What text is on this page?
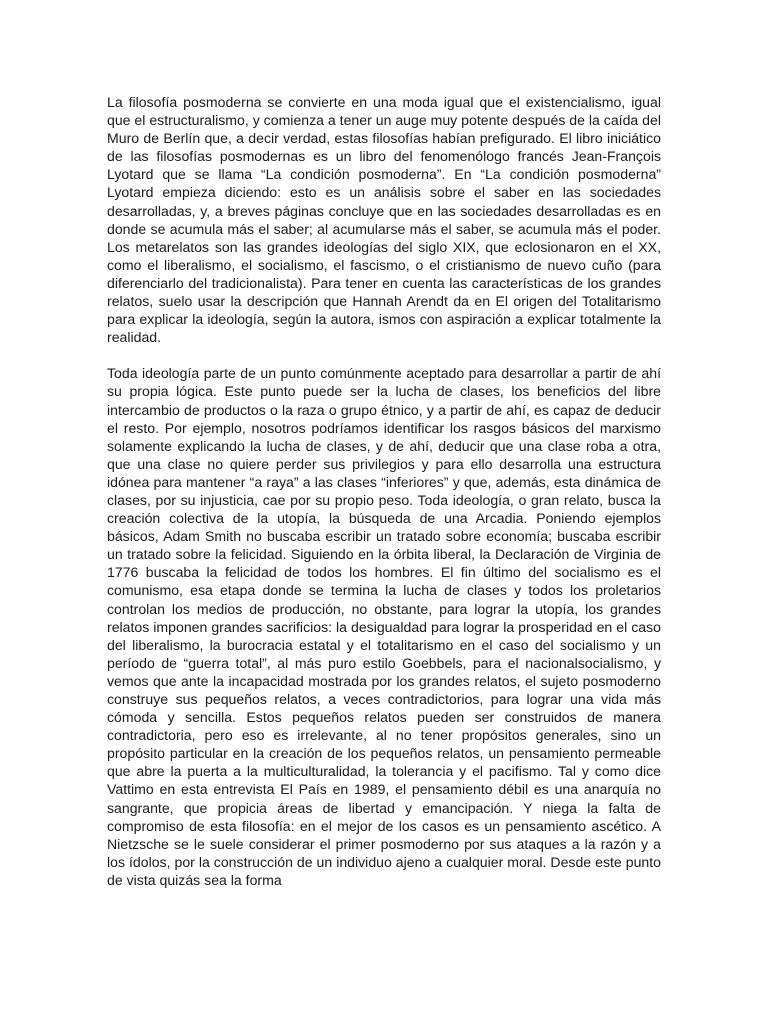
La filosofía posmoderna se convierte en una moda igual que el existencialismo, igual que el estructuralismo, y comienza a tener un auge muy potente después de la caída del Muro de Berlín que, a decir verdad, estas filosofías habían prefigurado. El libro iniciático de las filosofías posmodernas es un libro del fenomenólogo francés Jean-François Lyotard que se llama “La condición posmoderna”. En “La condición posmoderna” Lyotard empieza diciendo: esto es un análisis sobre el saber en las sociedades desarrolladas, y, a breves páginas concluye que en las sociedades desarrolladas es en donde se acumula más el saber; al acumularse más el saber, se acumula más el poder. Los metarelatos son las grandes ideologías del siglo XIX, que eclosionaron en el XX, como el liberalismo, el socialismo, el fascismo, o el cristianismo de nuevo cuño (para diferenciarlo del tradicionalista). Para tener en cuenta las características de los grandes relatos, suelo usar la descripción que Hannah Arendt da en El origen del Totalitarismo para explicar la ideología, según la autora, ismos con aspiración a explicar totalmente la realidad.

Toda ideología parte de un punto comúnmente aceptado para desarrollar a partir de ahí su propia lógica. Este punto puede ser la lucha de clases, los beneficios del libre intercambio de productos o la raza o grupo étnico, y a partir de ahí, es capaz de deducir el resto. Por ejemplo, nosotros podríamos identificar los rasgos básicos del marxismo solamente explicando la lucha de clases, y de ahí, deducir que una clase roba a otra, que una clase no quiere perder sus privilegios y para ello desarrolla una estructura idónea para mantener “a raya” a las clases “inferiores” y que, además, esta dinámica de clases, por su injusticia, cae por su propio peso. Toda ideología, o gran relato, busca la creación colectiva de la utopía, la búsqueda de una Arcadia. Poniendo ejemplos básicos, Adam Smith no buscaba escribir un tratado sobre economía; buscaba escribir un tratado sobre la felicidad. Siguiendo en la órbita liberal, la Declaración de Virginia de 1776 buscaba la felicidad de todos los hombres. El fin último del socialismo es el comunismo, esa etapa donde se termina la lucha de clases y todos los proletarios controlan los medios de producción, no obstante, para lograr la utopía, los grandes relatos imponen grandes sacrificios: la desigualdad para lograr la prosperidad en el caso del liberalismo, la burocracia estatal y el totalitarismo en el caso del socialismo y un período de “guerra total”, al más puro estilo Goebbels, para el nacionalsocialismo, y vemos que ante la incapacidad mostrada por los grandes relatos, el sujeto posmoderno construye sus pequeños relatos, a veces contradictorios, para lograr una vida más cómoda y sencilla. Estos pequeños relatos pueden ser construidos de manera contradictoria, pero eso es irrelevante, al no tener propósitos generales, sino un propósito particular en la creación de los pequeños relatos, un pensamiento permeable que abre la puerta a la multiculturalidad, la tolerancia y el pacifismo. Tal y como dice Vattimo en esta entrevista El País en 1989, el pensamiento débil es una anarquía no sangrante, que propicia áreas de libertad y emancipación. Y niega la falta de compromiso de esta filosofía: en el mejor de los casos es un pensamiento ascético. A Nietzsche se le suele considerar el primer posmoderno por sus ataques a la razón y a los ídolos, por la construcción de un individuo ajeno a cualquier moral. Desde este punto de vista quizás sea la forma
